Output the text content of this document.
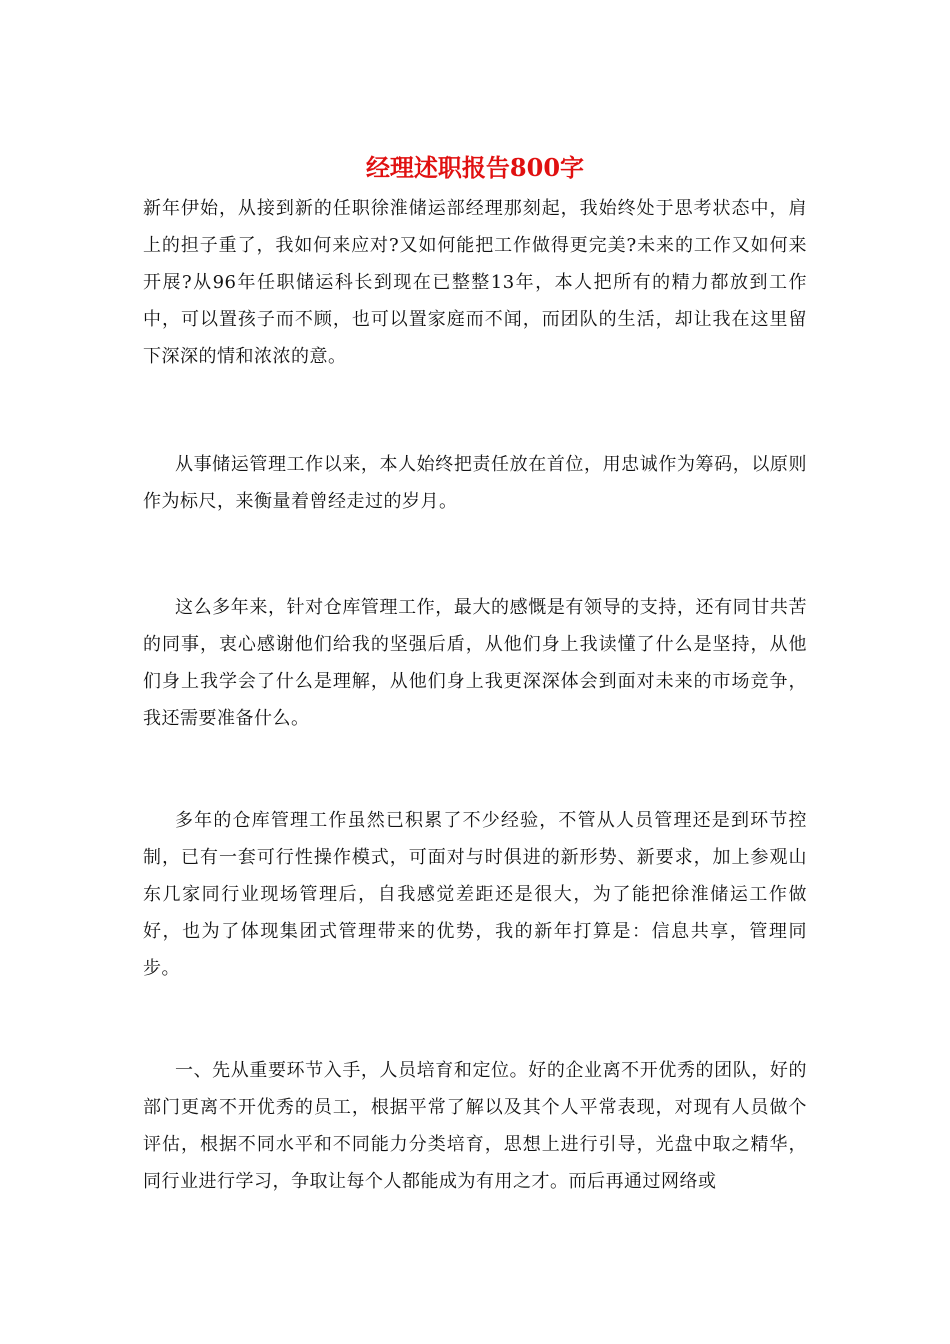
经理述职报告800字

新年伊始，从接到新的任职徐淮储运部经理那刻起，我始终处于思考状态中，肩上的担子重了，我如何来应对?又如何能把工作做得更完美?未来的工作又如何来开展?从96年任职储运科长到现在已整整13年，本人把所有的精力都放到工作中，可以置孩子而不顾，也可以置家庭而不闻，而团队的生活，却让我在这里留下深深的情和浓浓的意。

从事储运管理工作以来，本人始终把责任放在首位，用忠诚作为筹码，以原则作为标尺，来衡量着曾经走过的岁月。

这么多年来，针对仓库管理工作，最大的感慨是有领导的支持，还有同甘共苦的同事，衷心感谢他们给我的坚强后盾，从他们身上我读懂了什么是坚持，从他们身上我学会了什么是理解，从他们身上我更深深体会到面对未来的市场竞争，我还需要准备什么。

多年的仓库管理工作虽然已积累了不少经验，不管从人员管理还是到环节控制，已有一套可行性操作模式，可面对与时俱进的新形势、新要求，加上参观山东几家同行业现场管理后，自我感觉差距还是很大，为了能把徐淮储运工作做好，也为了体现集团式管理带来的优势，我的新年打算是：信息共享，管理同步。

一、先从重要环节入手，人员培育和定位。好的企业离不开优秀的团队，好的部门更离不开优秀的员工，根据平常了解以及其个人平常表现，对现有人员做个评估，根据不同水平和不同能力分类培育，思想上进行引导，光盘中取之精华，同行业进行学习，争取让每个人都能成为有用之才。而后再通过网络或
